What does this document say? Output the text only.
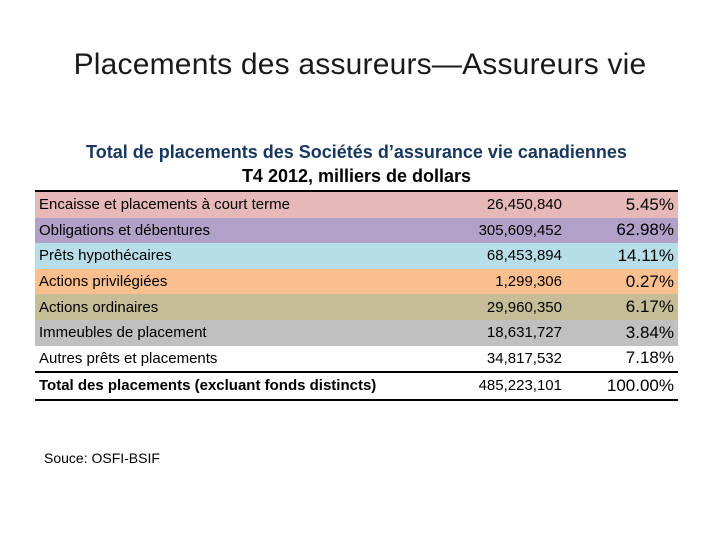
Placements des assureurs—Assureurs vie
Total de placements des Sociétés d’assurance vie canadiennes
T4 2012, milliers de dollars
Encaisse et placements à court terme	26,450,840	5.45%
Obligations et débentures	305,609,452	62.98%
Prêts hypothécaires	68,453,894	14.11%
Actions privilégiées	1,299,306	0.27%
Actions ordinaires	29,960,350	6.17%
Immeubles de placement	18,631,727	3.84%
Autres prêts et placements	34,817,532	7.18%
Total des placements (excluant fonds distincts)	485,223,101	100.00%
Souce: OSFI-BSIF
